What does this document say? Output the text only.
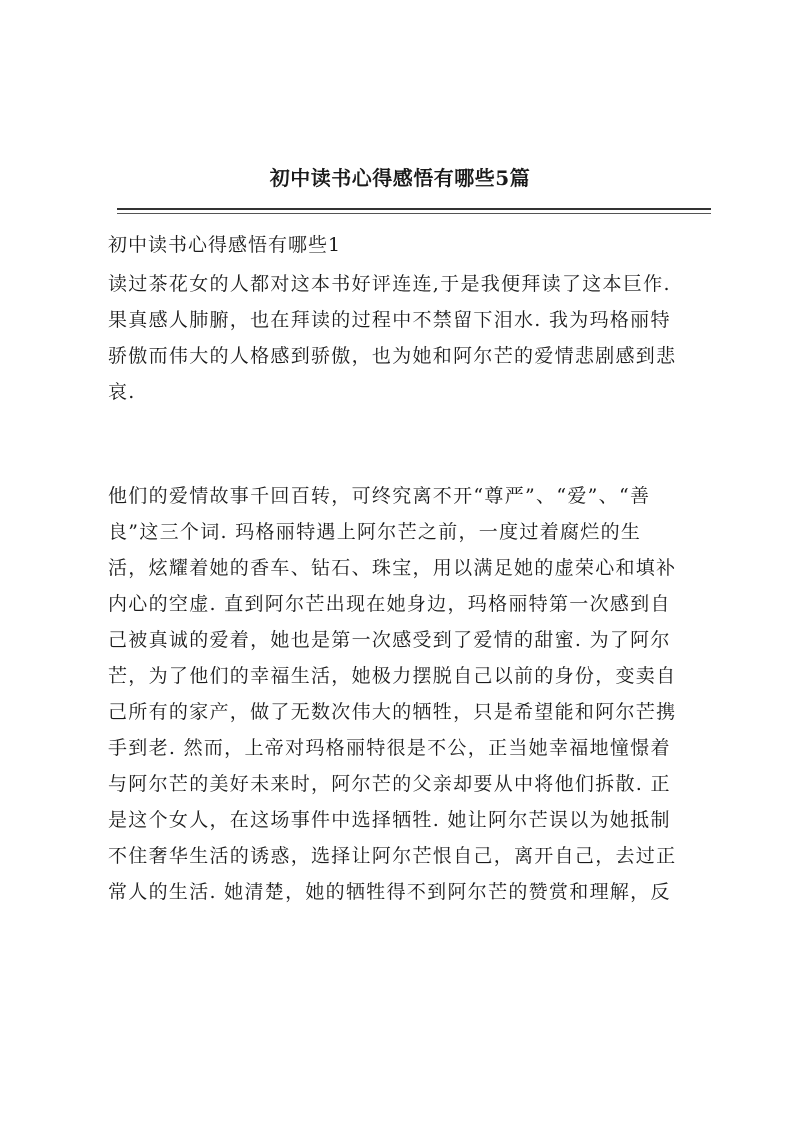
初中读书心得感悟有哪些5篇
初中读书心得感悟有哪些1
读过茶花女的人都对这本书好评连连,于是我便拜读了这本巨作.
果真感人肺腑，也在拜读的过程中不禁留下泪水. 我为玛格丽特
骄傲而伟大的人格感到骄傲，也为她和阿尔芒的爱情悲剧感到悲
哀.
他们的爱情故事千回百转，可终究离不开“尊严”、“爱”、“善
良”这三个词. 玛格丽特遇上阿尔芒之前，一度过着腐烂的生
活，炫耀着她的香车、钻石、珠宝，用以满足她的虚荣心和填补
内心的空虚. 直到阿尔芒出现在她身边，玛格丽特第一次感到自
己被真诚的爱着，她也是第一次感受到了爱情的甜蜜. 为了阿尔
芒，为了他们的幸福生活，她极力摆脱自己以前的身份，变卖自
己所有的家产，做了无数次伟大的牺牲，只是希望能和阿尔芒携
手到老. 然而，上帝对玛格丽特很是不公，正当她幸福地憧憬着
与阿尔芒的美好未来时，阿尔芒的父亲却要从中将他们拆散. 正
是这个女人，在这场事件中选择牺牲. 她让阿尔芒误以为她抵制
不住奢华生活的诱惑，选择让阿尔芒恨自己，离开自己，去过正
常人的生活. 她清楚，她的牺牲得不到阿尔芒的赞赏和理解，反
